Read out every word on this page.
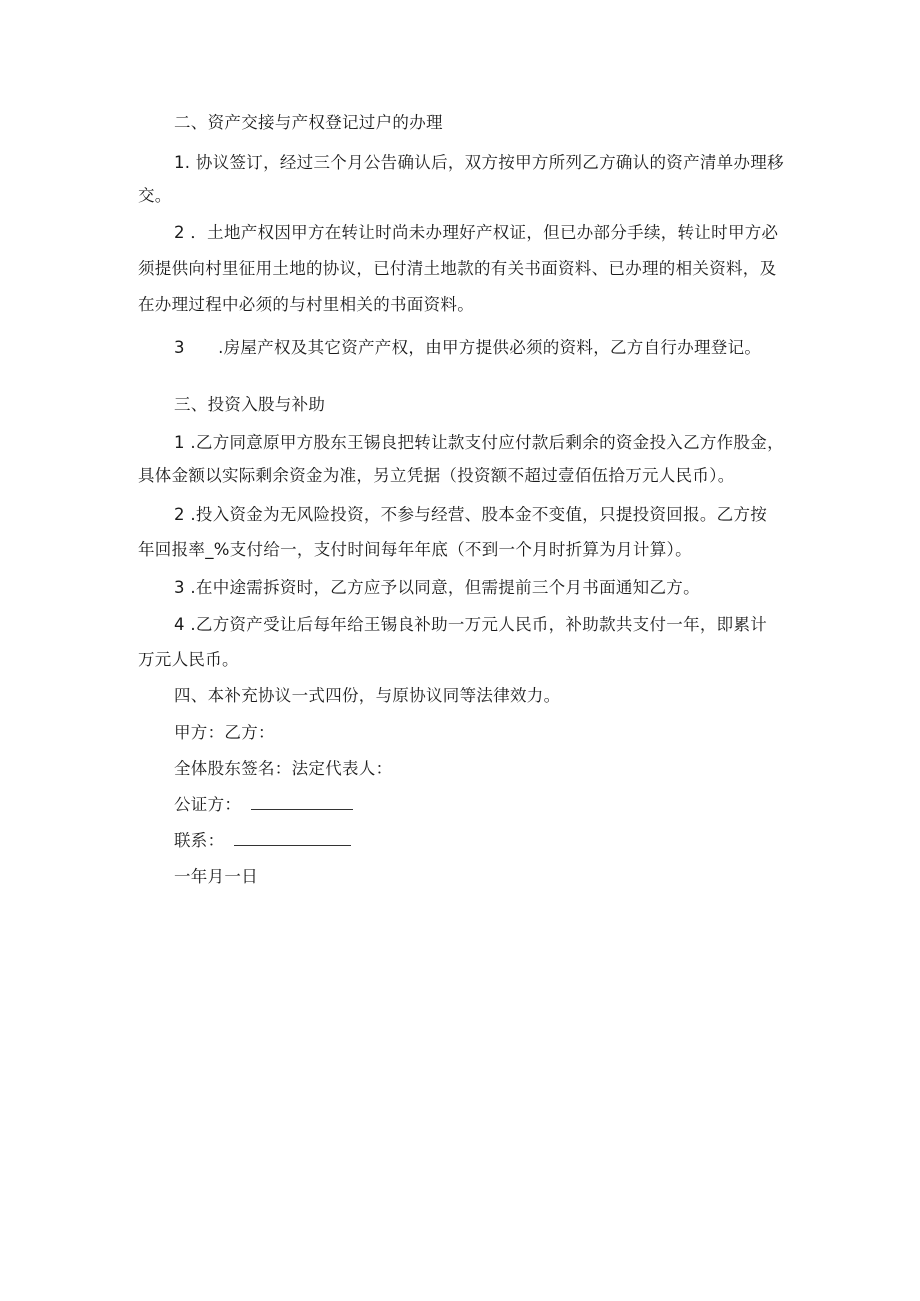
二、资产交接与产权登记过户的办理
1. 协议签订，经过三个月公告确认后，双方按甲方所列乙方确认的资产清单办理移
交。
2 ．土地产权因甲方在转让时尚未办理好产权证，但已办部分手续，转让时甲方必
须提供向村里征用土地的协议，已付清土地款的有关书面资料、已办理的相关资料，及
在办理过程中必须的与村里相关的书面资料。
3      .房屋产权及其它资产产权，由甲方提供必须的资料，乙方自行办理登记。
三、投资入股与补助
1 .乙方同意原甲方股东王锡良把转让款支付应付款后剩余的资金投入乙方作股金，
具体金额以实际剩余资金为准，另立凭据（投资额不超过壹佰伍拾万元人民币）。
2 .投入资金为无风险投资，不参与经营、股本金不变值，只提投资回报。乙方按
年回报率_%支付给一，支付时间每年年底（不到一个月时折算为月计算）。
3 .在中途需拆资时，乙方应予以同意，但需提前三个月书面通知乙方。
4 .乙方资产受让后每年给王锡良补助一万元人民币，补助款共支付一年，即累计
万元人民币。
四、本补充协议一式四份，与原协议同等法律效力。
甲方：乙方：
全体股东签名：法定代表人：
公证方：
联系：
一年月一日
